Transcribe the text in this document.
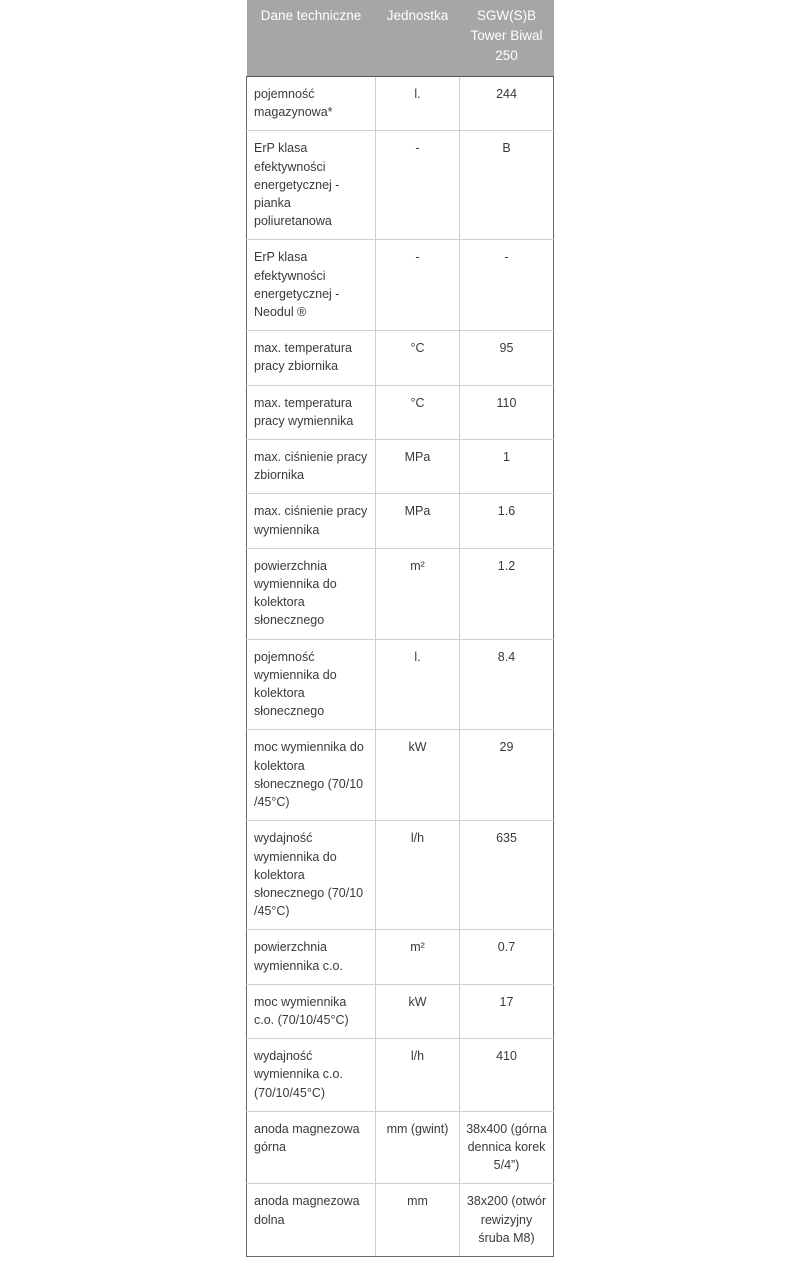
Dane techniczne	Jednostka	SGW(S)B Tower Biwal 250
pojemność magazynowa*	l.	244
ErP klasa efektywności energetycznej - pianka poliuretanowa	-	B
ErP klasa efektywności energetycznej - Neodul ®	-	-
max. temperatura pracy zbiornika	°C	95
max. temperatura pracy wymiennika	°C	110
max. ciśnienie pracy zbiornika	MPa	1
max. ciśnienie pracy wymiennika	MPa	1.6
powierzchnia wymiennika do kolektora słonecznego	m²	1.2
pojemność wymiennika do kolektora słonecznego	l.	8.4
moc wymiennika do kolektora słonecznego (70/10 /45°C)	kW	29
wydajność wymiennika do kolektora słonecznego (70/10 /45°C)	l/h	635
powierzchnia wymiennika c.o.	m²	0.7
moc wymiennika c.o. (70/10/45°C)	kW	17
wydajność wymiennika c.o. (70/10/45°C)	l/h	410
anoda magnezowa górna	mm (gwint)	38x400 (górna dennica korek 5/4”)
anoda magnezowa dolna	mm	38x200 (otwór rewizyjny śruba M8)
